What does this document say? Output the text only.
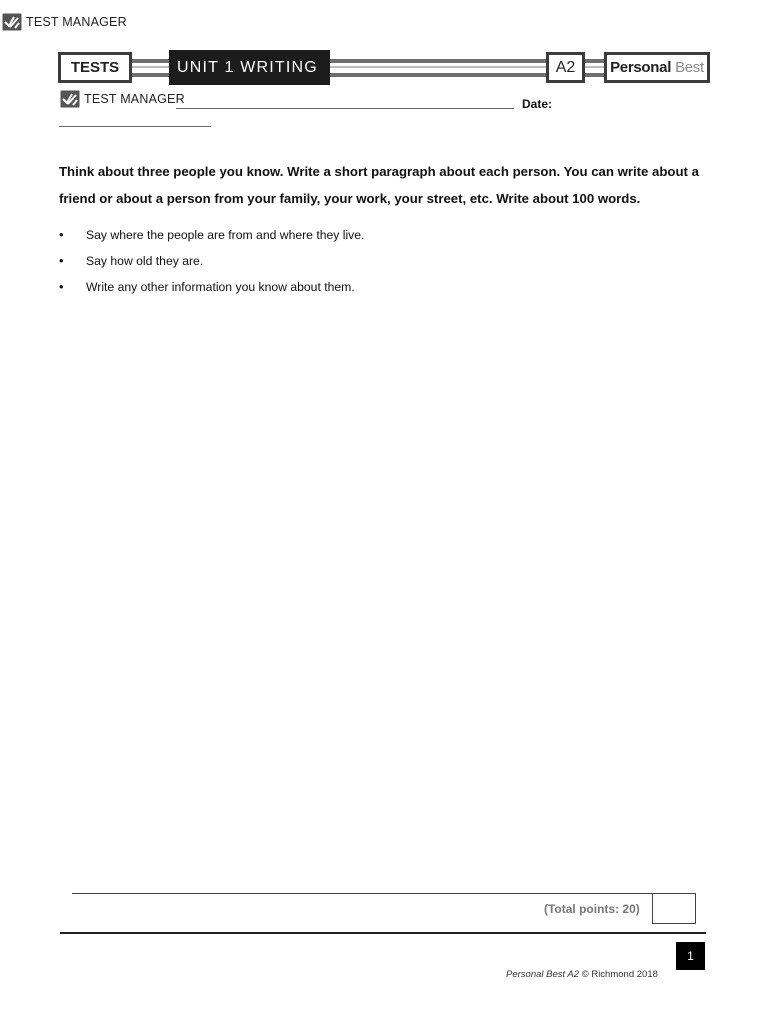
TEST MANAGER
TESTS	UNIT 1 WRITING	A2 Personal Best
TEST MANAGER	Date:

Think about three people you know. Write a short paragraph about each person. You can write about a friend or about a person from your family, your work, your street, etc. Write about 100 words.

• Say where the people are from and where they live.
• Say how old they are.
• Write any other information you know about them.
(Total points: 20)
1
Personal Best A2 © Richmond 2018
